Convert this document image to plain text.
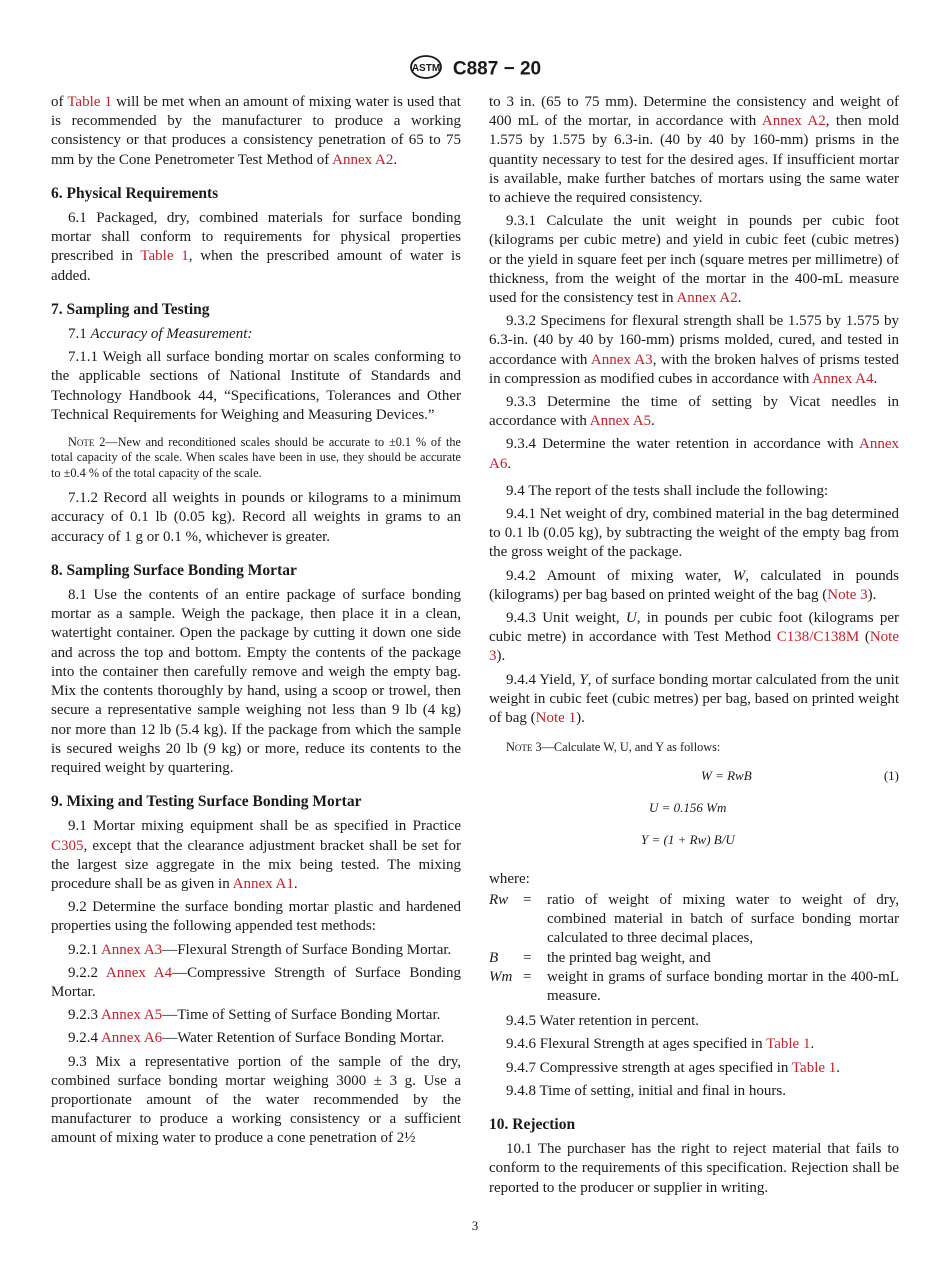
ASTM C887 − 20

of Table 1 will be met when an amount of mixing water is used that is recommended by the manufacturer to produce a working consistency or that produces a consistency penetration of 65 to 75 mm by the Cone Penetrometer Test Method of Annex A2.

6. Physical Requirements

6.1 Packaged, dry, combined materials for surface bonding mortar shall conform to requirements for physical properties prescribed in Table 1, when the prescribed amount of water is added.

7. Sampling and Testing

7.1 Accuracy of Measurement:

7.1.1 Weigh all surface bonding mortar on scales conforming to the applicable sections of National Institute of Standards and Technology Handbook 44, “Specifications, Tolerances and Other Technical Requirements for Weighing and Measuring Devices.”

Note 2—New and reconditioned scales should be accurate to ±0.1 % of the total capacity of the scale. When scales have been in use, they should be accurate to ±0.4 % of the total capacity of the scale.

7.1.2 Record all weights in pounds or kilograms to a minimum accuracy of 0.1 lb (0.05 kg). Record all weights in grams to an accuracy of 1 g or 0.1 %, whichever is greater.

8. Sampling Surface Bonding Mortar

8.1 Use the contents of an entire package of surface bonding mortar as a sample. Weigh the package, then place it in a clean, watertight container. Open the package by cutting it down one side and across the top and bottom. Empty the contents of the package into the container then carefully remove and weigh the empty bag. Mix the contents thoroughly by hand, using a scoop or trowel, then secure a representative sample weighing not less than 9 lb (4 kg) nor more than 12 lb (5.4 kg). If the package from which the sample is secured weighs 20 lb (9 kg) or more, reduce its contents to the required weight by quartering.

9. Mixing and Testing Surface Bonding Mortar

9.1 Mortar mixing equipment shall be as specified in Practice C305, except that the clearance adjustment bracket shall be set for the largest size aggregate in the mix being tested. The mixing procedure shall be as given in Annex A1.

9.2 Determine the surface bonding mortar plastic and hardened properties using the following appended test methods:

9.2.1 Annex A3—Flexural Strength of Surface Bonding Mortar.

9.2.2 Annex A4—Compressive Strength of Surface Bonding Mortar.

9.2.3 Annex A5—Time of Setting of Surface Bonding Mortar.

9.2.4 Annex A6—Water Retention of Surface Bonding Mortar.

9.3 Mix a representative portion of the sample of the dry, combined surface bonding mortar weighing 3000 ± 3 g. Use a proportionate amount of the water recommended by the manufacturer to produce a working consistency or a sufficient amount of mixing water to produce a cone penetration of 2½

to 3 in. (65 to 75 mm). Determine the consistency and weight of 400 mL of the mortar, in accordance with Annex A2, then mold 1.575 by 1.575 by 6.3-in. (40 by 40 by 160-mm) prisms in the quantity necessary to test for the desired ages. If insufficient mortar is available, make further batches of mortars using the same water to achieve the required consistency.

9.3.1 Calculate the unit weight in pounds per cubic foot (kilograms per cubic metre) and yield in cubic feet (cubic metres) or the yield in square feet per inch (square metres per millimetre) of thickness, from the weight of the mortar in the 400-mL measure used for the consistency test in Annex A2.

9.3.2 Specimens for flexural strength shall be 1.575 by 1.575 by 6.3-in. (40 by 40 by 160-mm) prisms molded, cured, and tested in accordance with Annex A3, with the broken halves of prisms tested in compression as modified cubes in accordance with Annex A4.

9.3.3 Determine the time of setting by Vicat needles in accordance with Annex A5.

9.3.4 Determine the water retention in accordance with Annex A6.

9.4 The report of the tests shall include the following:

9.4.1 Net weight of dry, combined material in the bag determined to 0.1 lb (0.05 kg), by subtracting the weight of the empty bag from the gross weight of the package.

9.4.2 Amount of mixing water, W, calculated in pounds (kilograms) per bag based on printed weight of the bag (Note 3).

9.4.3 Unit weight, U, in pounds per cubic foot (kilograms per cubic metre) in accordance with Test Method C138/C138M (Note 3).

9.4.4 Yield, Y, of surface bonding mortar calculated from the unit weight in cubic feet (cubic metres) per bag, based on printed weight of bag (Note 1).

Note 3—Calculate W, U, and Y as follows:
W = RwB	(1)
U = 0.156 Wm
Y = (1 + Rw) B/U

where:

Rw	=	ratio of weight of mixing water to weight of dry, combined material in batch of surface bonding mortar calculated to three decimal places,
B	=	the printed bag weight, and
Wm	=	weight in grams of surface bonding mortar in the 400-mL measure.

9.4.5 Water retention in percent.

9.4.6 Flexural Strength at ages specified in Table 1.

9.4.7 Compressive strength at ages specified in Table 1.

9.4.8 Time of setting, initial and final in hours.

10. Rejection

10.1 The purchaser has the right to reject material that fails to conform to the requirements of this specification. Rejection shall be reported to the producer or supplier in writing.

3
